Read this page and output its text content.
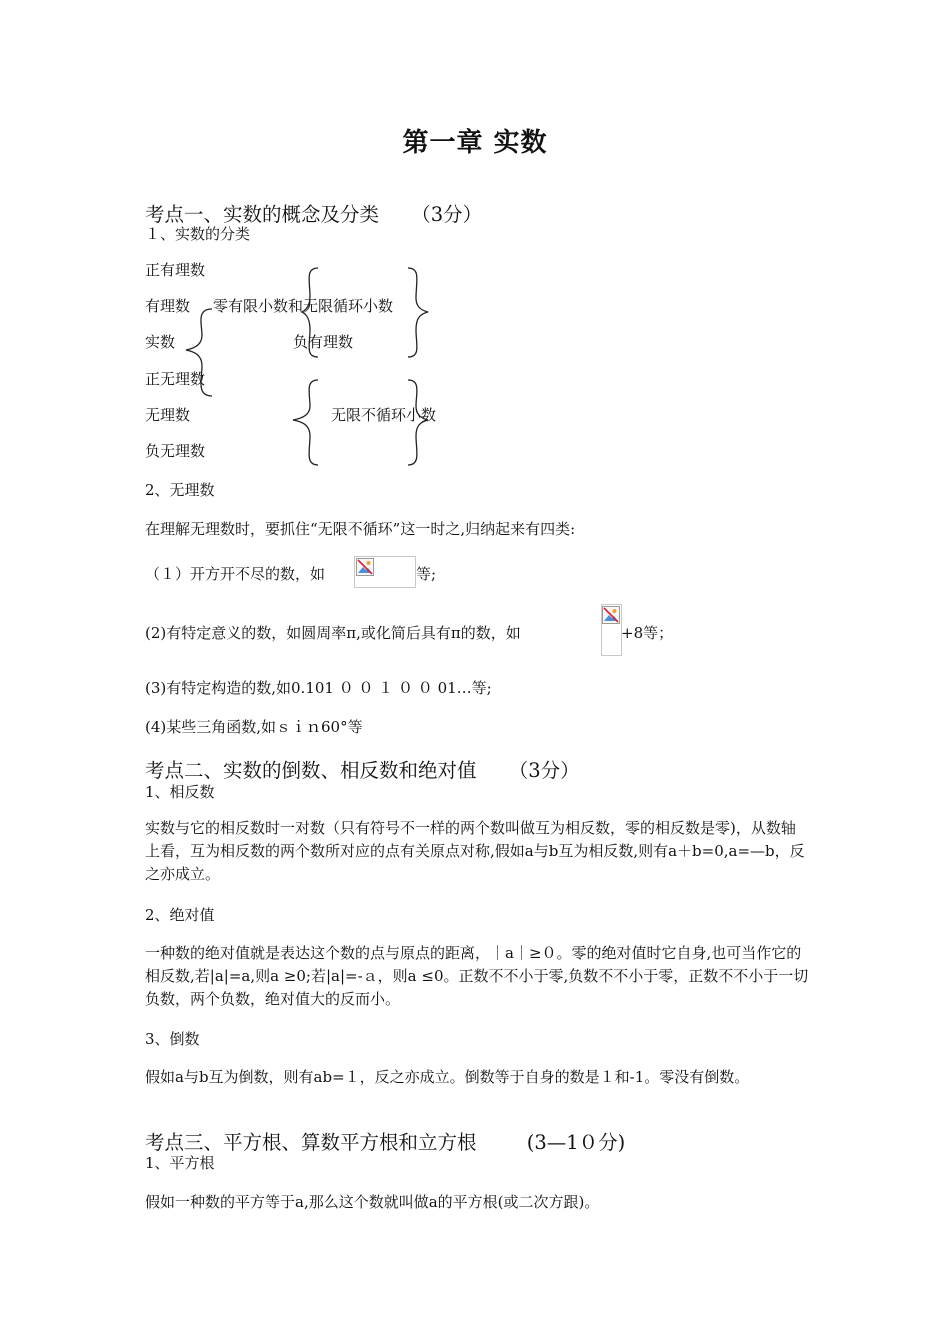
第一章 实数
考点一、实数的概念及分类 （3分）
１、实数的分类
正有理数
有理数 零有限小数和无限循环小数
实数	负有理数
正无理数
无理数	无限不循环小数
负无理数
2、无理数
在理解无理数时，要抓住“无限不循环”这一时之,归纳起来有四类:
（１）开方开不尽的数，如	等;
(2)有特定意义的数，如圆周率π,或化简后具有π的数，如	+8等；
(3)有特定构造的数,如0.101 ０ ０ １ ０ ０ 01…等;
(4)某些三角函数,如ｓｉｎ60°等
考点二、实数的倒数、相反数和绝对值 （3分）
1、相反数
实数与它的相反数时一对数（只有符号不一样的两个数叫做互为相反数，零的相反数是零)，从数轴上看，互为相反数的两个数所对应的点有关原点对称,假如a与b互为相反数,则有a＋b=0,a=—b，反之亦成立。
2、绝对值
一种数的绝对值就是表达这个数的点与原点的距离，｜a｜≥０。零的绝对值时它自身,也可当作它的相反数,若|a|=a,则a ≥0;若|a|=-ａ，则a ≤0。正数不不小于零,负数不不小于零，正数不不小于一切负数，两个负数，绝对值大的反而小。
3、倒数
假如a与b互为倒数，则有ab=１，反之亦成立。倒数等于自身的数是１和-1。零没有倒数。
考点三、平方根、算数平方根和立方根	(3—1０分)
1、平方根
假如一种数的平方等于a,那么这个数就叫做a的平方根(或二次方跟)。
